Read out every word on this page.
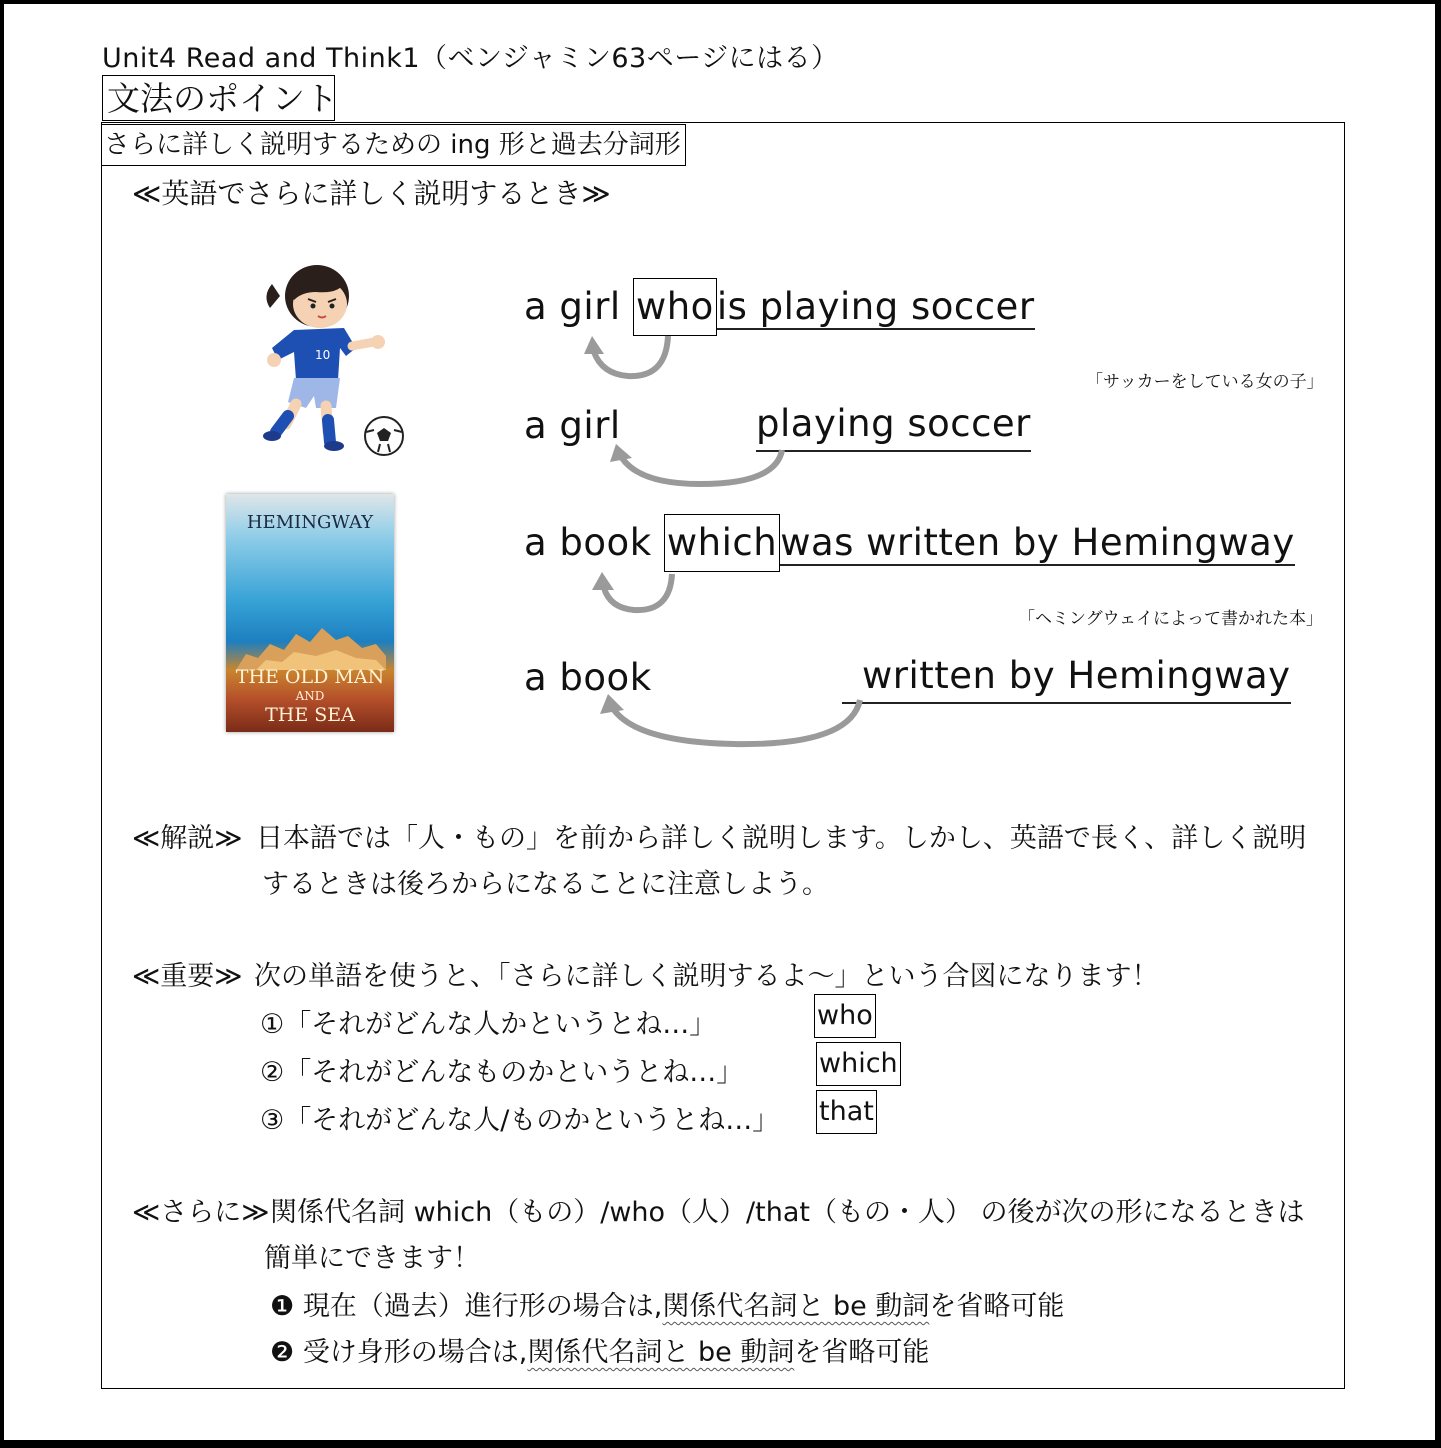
Unit4 Read and Think1（ベンジャミン63ページにはる）
文法のポイント
さらに詳しく説明するための ing 形と過去分詞形
≪英語でさらに詳しく説明するとき≫
10
HEMINGWAY
THE OLD MAN
AND
THE SEA
a girl whois playing soccer
「サッカーをしている女の子」
a girl	playing soccer
a book whichwas written by Hemingway
「ヘミングウェイによって書かれた本」
a book	written by Hemingway
≪解説≫ 日本語では「人・もの」を前から詳しく説明します。しかし、英語で長く、詳しく説明
するときは後ろからになることに注意しよう。
≪重要≫ 次の単語を使うと、「さらに詳しく説明するよ～」という合図になります！
①「それがどんな人かというとね…」	who
②「それがどんなものかというとね…」	which
③「それがどんな人/ものかというとね…」 that
≪さらに≫ 関係代名詞 which（もの）/who（人）/that（もの・人） の後が次の形になるときは
簡単にできます！
❶ 現在（過去）進行形の場合は,関係代名詞と be 動詞を省略可能
❷ 受け身形の場合は,関係代名詞と be 動詞を省略可能
